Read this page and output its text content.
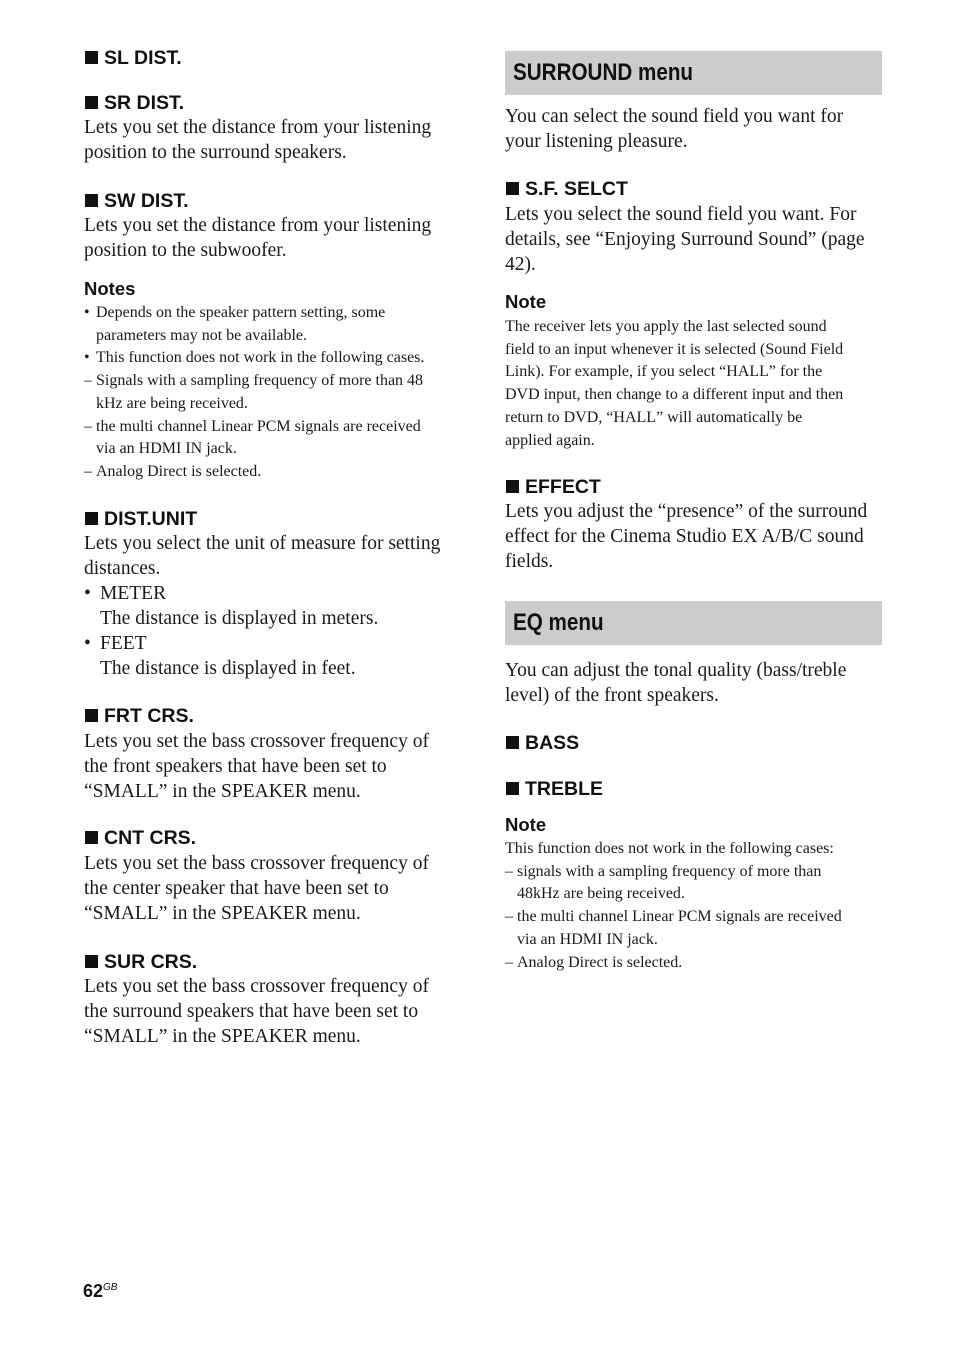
SL DIST.
SR DIST.
Lets you set the distance from your listening
position to the surround speakers.
SW DIST.
Lets you set the distance from your listening
position to the subwoofer.
Notes
• Depends on the speaker pattern setting, some
parameters may not be available.
• This function does not work in the following cases.
– Signals with a sampling frequency of more than 48
kHz are being received.
– the multi channel Linear PCM signals are received
via an HDMI IN jack.
– Analog Direct is selected.
DIST.UNIT
Lets you select the unit of measure for setting
distances.
• METER
The distance is displayed in meters.
• FEET
The distance is displayed in feet.
FRT CRS.
Lets you set the bass crossover frequency of
the front speakers that have been set to
“SMALL” in the SPEAKER menu.
CNT CRS.
Lets you set the bass crossover frequency of
the center speaker that have been set to
“SMALL” in the SPEAKER menu.
SUR CRS.
Lets you set the bass crossover frequency of
the surround speakers that have been set to
“SMALL” in the SPEAKER menu.
SURROUND menu
You can select the sound field you want for
your listening pleasure.
S.F. SELCT
Lets you select the sound field you want. For
details, see “Enjoying Surround Sound” (page
42).
Note
The receiver lets you apply the last selected sound
field to an input whenever it is selected (Sound Field
Link). For example, if you select “HALL” for the
DVD input, then change to a different input and then
return to DVD, “HALL” will automatically be
applied again.
EFFECT
Lets you adjust the “presence” of the surround
effect for the Cinema Studio EX A/B/C sound
fields.
EQ menu
You can adjust the tonal quality (bass/treble
level) of the front speakers.
BASS
TREBLE
Note
This function does not work in the following cases:
– signals with a sampling frequency of more than
48kHz are being received.
– the multi channel Linear PCM signals are received
via an HDMI IN jack.
– Analog Direct is selected.
$62^{GB}$
